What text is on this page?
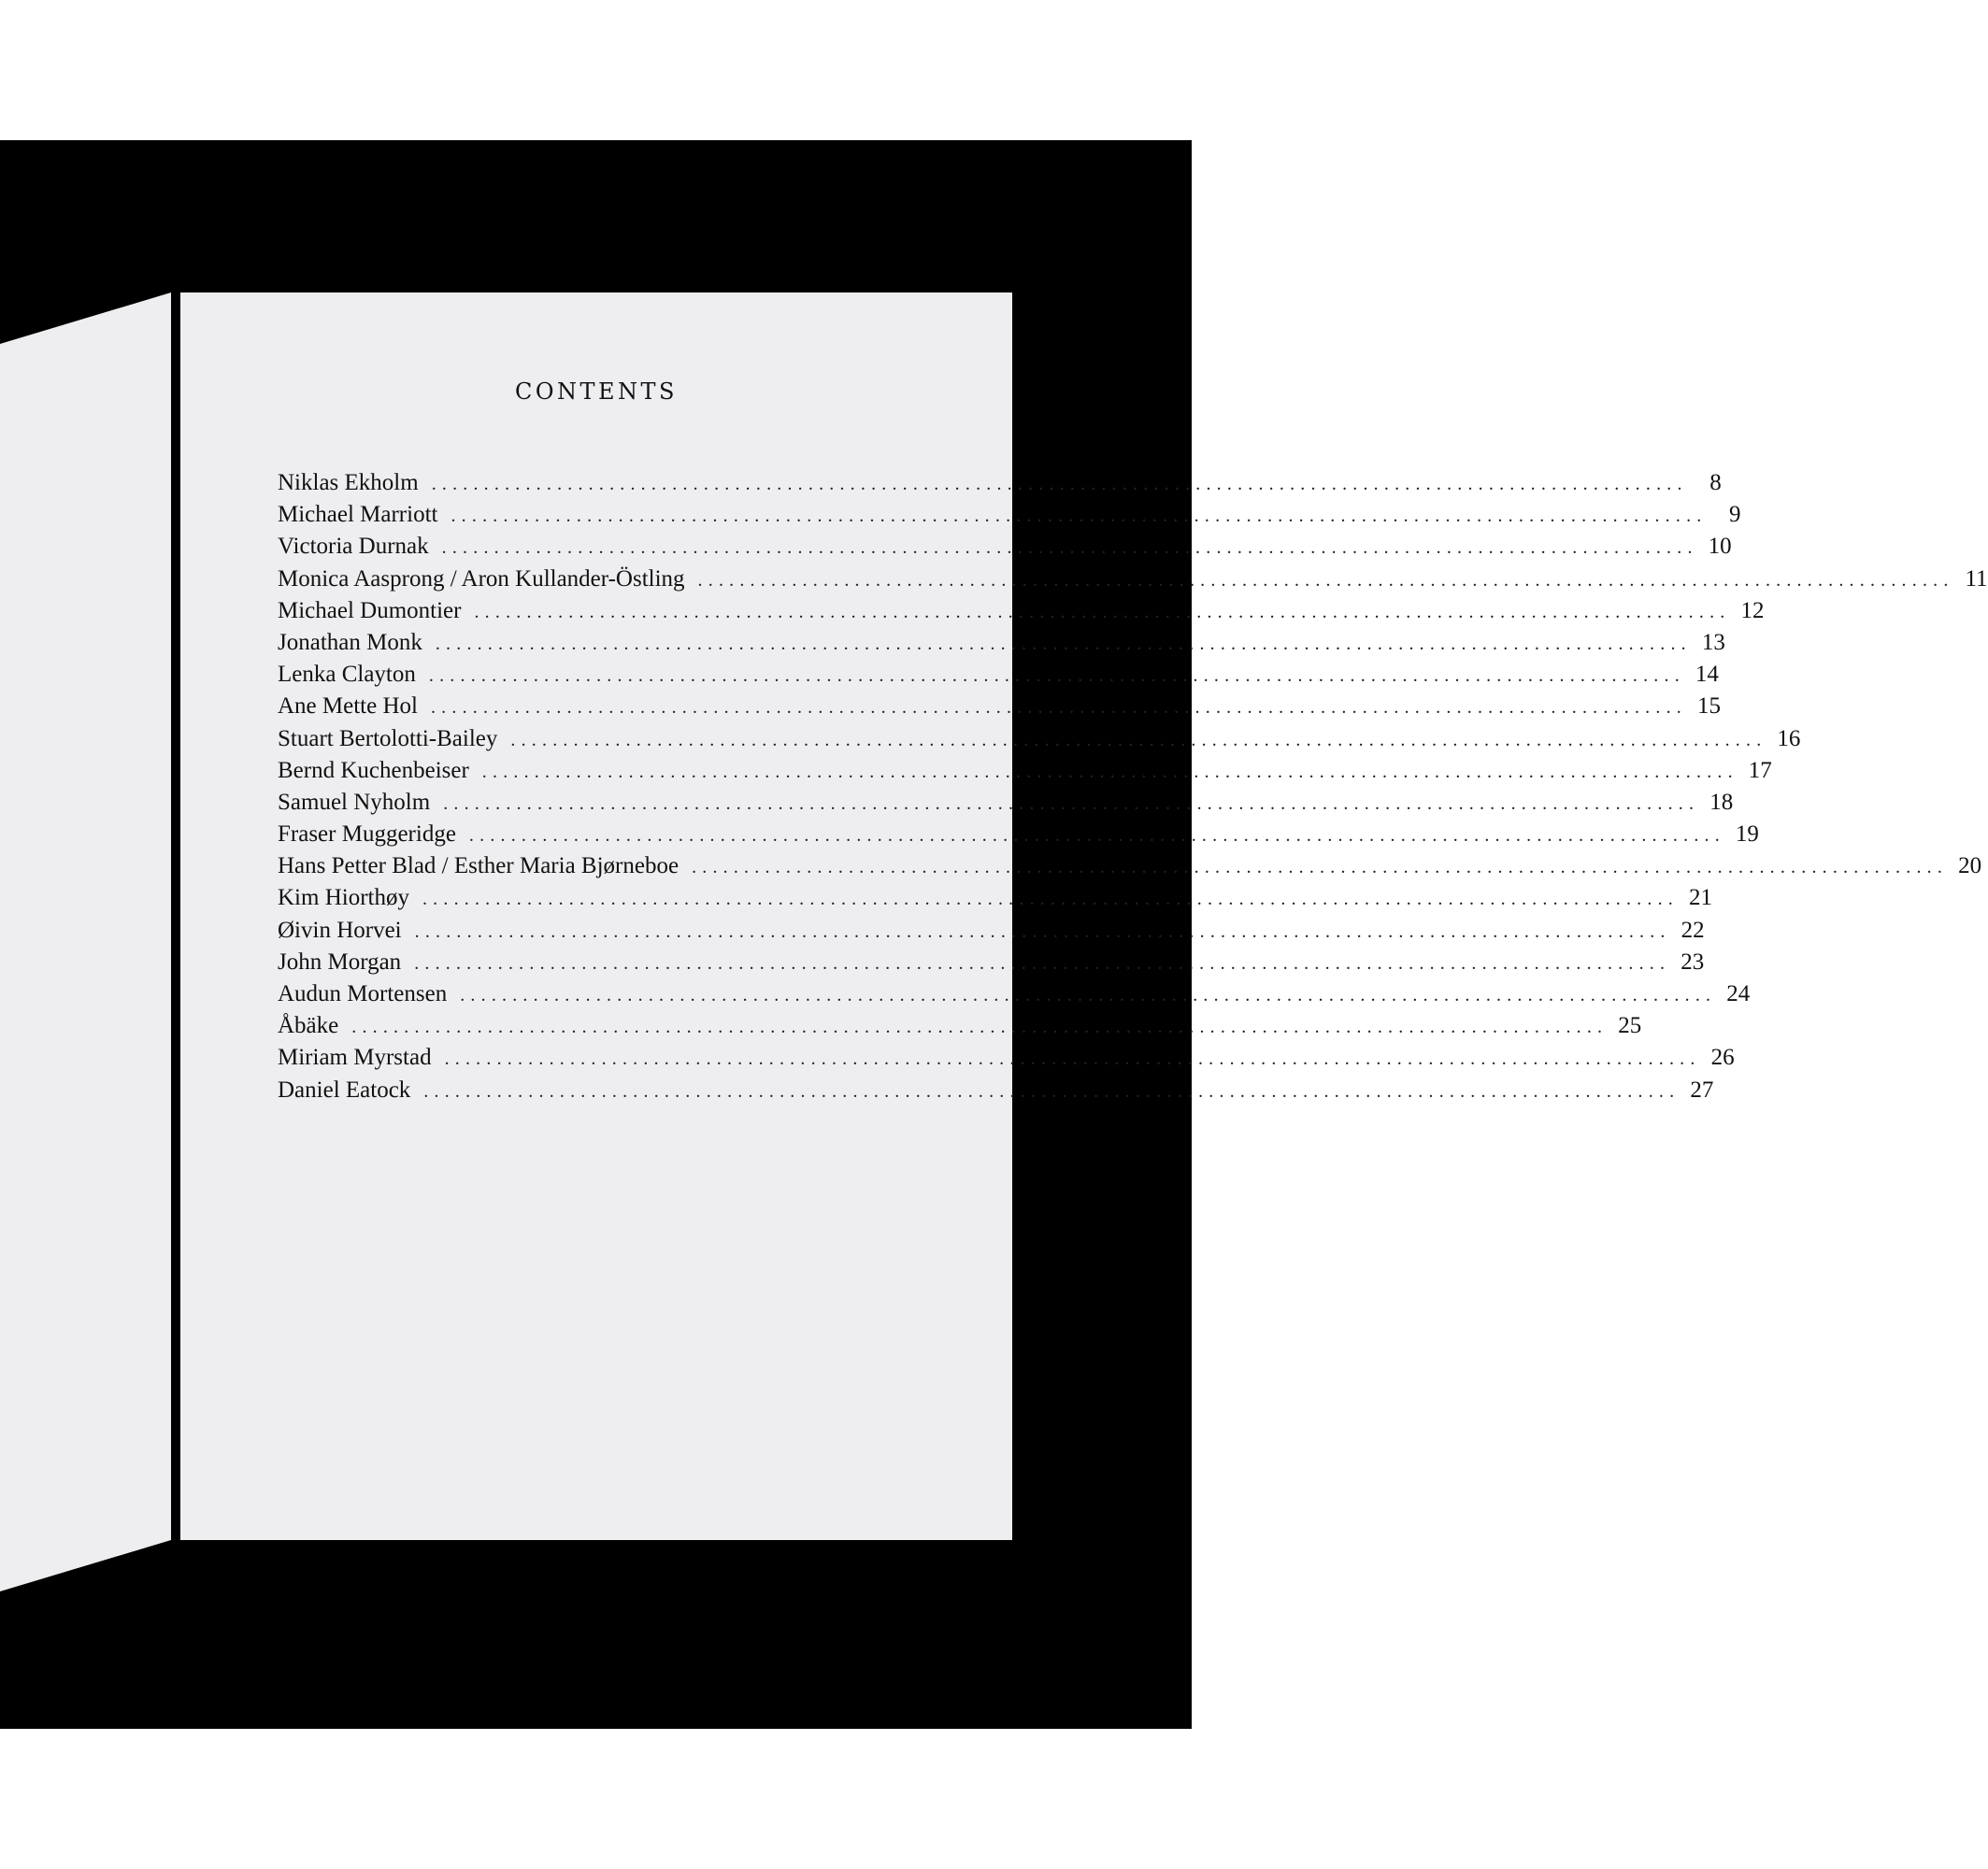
CONTENTS
Niklas Ekholm ........................................................................................................................ 8
Michael Marriott ........................................................................................................................ 9
Victoria Durnak ........................................................................................................................ 10
Monica Aasprong / Aron Kullander-Östling ........................................................................................................................ 11
Michael Dumontier ........................................................................................................................ 12
Jonathan Monk ........................................................................................................................ 13
Lenka Clayton ........................................................................................................................ 14
Ane Mette Hol ........................................................................................................................ 15
Stuart Bertolotti-Bailey ........................................................................................................................ 16
Bernd Kuchenbeiser ........................................................................................................................ 17
Samuel Nyholm ........................................................................................................................ 18
Fraser Muggeridge ........................................................................................................................ 19
Hans Petter Blad / Esther Maria Bjørneboe ........................................................................................................................ 20
Kim Hiorthøy ........................................................................................................................ 21
Øivin Horvei ........................................................................................................................ 22
John Morgan ........................................................................................................................ 23
Audun Mortensen ........................................................................................................................ 24
Åbäke ........................................................................................................................ 25
Miriam Myrstad ........................................................................................................................ 26
Daniel Eatock ........................................................................................................................ 27
